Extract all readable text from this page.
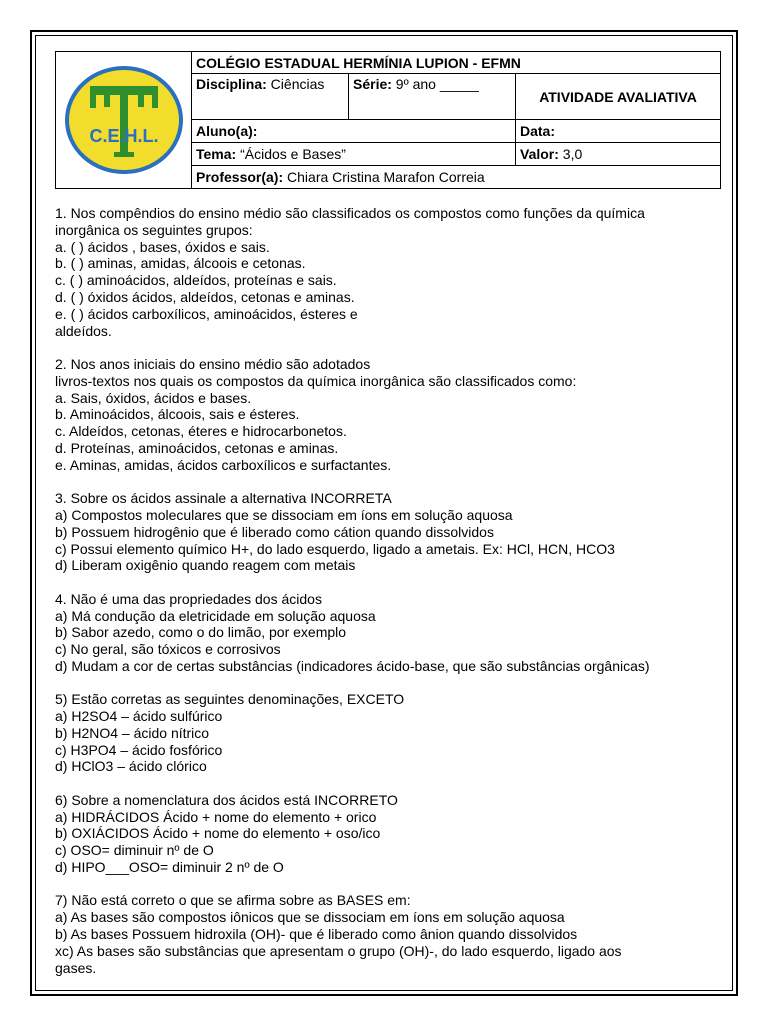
C.E.H.L.	COLÉGIO ESTADUAL HERMÍNIA LUPION - EFMN		
	Disciplina: Ciências	Série: 9º ano _____	ATIVIDADE AVALIATIVA
	Aluno(a):		Data:
	Tema: “Ácidos e Bases”		Valor: 3,0
	Professor(a): Chiara Cristina Marafon Correia		
1. Nos compêndios do ensino médio são classificados os compostos como funções da química
inorgânica os seguintes grupos:
a. ( ) ácidos , bases, óxidos e sais.
b. ( ) aminas, amidas, álcoois e cetonas.
c. ( ) aminoácidos, aldeídos, proteínas e sais.
d. ( ) óxidos ácidos, aldeídos, cetonas e aminas.
e. ( ) ácidos carboxílicos, aminoácidos, ésteres e
aldeídos.
2. Nos anos iniciais do ensino médio são adotados
livros-textos nos quais os compostos da química inorgânica são classificados como:
a. Sais, óxidos, ácidos e bases.
b. Aminoácidos, álcoois, sais e ésteres.
c. Aldeídos, cetonas, éteres e hidrocarbonetos.
d. Proteínas, aminoácidos, cetonas e aminas.
e. Aminas, amidas, ácidos carboxílicos e surfactantes.
3. Sobre os ácidos assinale a alternativa INCORRETA
a) Compostos moleculares que se dissociam em íons em solução aquosa
b) Possuem hidrogênio que é liberado como cátion quando dissolvidos
c) Possui elemento químico H+, do lado esquerdo, ligado a ametais. Ex: HCl, HCN, HCO3
d) Liberam oxigênio quando reagem com metais
4. Não é uma das propriedades dos ácidos
a) Má condução da eletricidade em solução aquosa
b) Sabor azedo, como o do limão, por exemplo
c) No geral, são tóxicos e corrosivos
d) Mudam a cor de certas substâncias (indicadores ácido-base, que são substâncias orgânicas)
5) Estão corretas as seguintes denominações, EXCETO
a) H2SO4 – ácido sulfúrico
b) H2NO4 – ácido nítrico
c) H3PO4 – ácido fosfórico
d) HClO3 – ácido clórico
6) Sobre a nomenclatura dos ácidos está INCORRETO
a) HIDRÁCIDOS Ácido + nome do elemento + orico
b) OXIÁCIDOS Ácido + nome do elemento + oso/ico
c) OSO= diminuir nº de O
d) HIPO___OSO= diminuir 2 nº de O
7) Não está correto o que se afirma sobre as BASES em:
a) As bases são compostos iônicos que se dissociam em íons em solução aquosa
b) As bases Possuem hidroxila (OH)- que é liberado como ânion quando dissolvidos
xc) As bases são substâncias que apresentam o grupo (OH)-, do lado esquerdo, ligado aos
gases.
